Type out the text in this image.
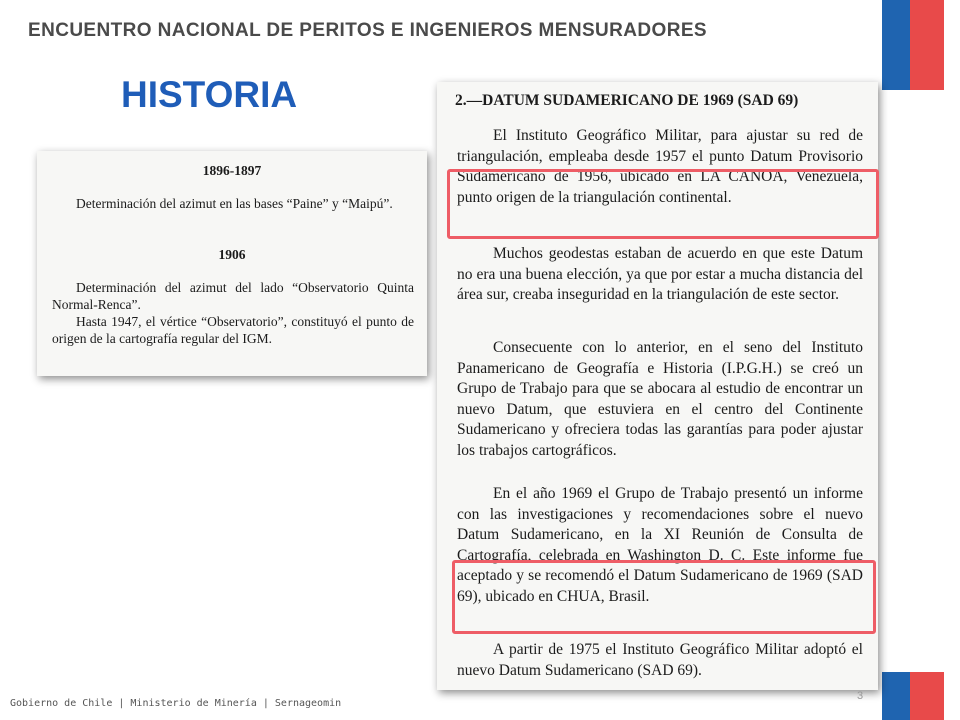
ENCUENTRO NACIONAL DE PERITOS E INGENIEROS MENSURADORES
HISTORIA
1896-1897
Determinación del azimut en las bases “Paine” y “Maipú”.
1906
Determinación del azimut del lado “Observatorio Quinta Normal-Renca”.
Hasta 1947, el vértice “Observatorio”, constituyó el punto de origen de la cartografía regular del IGM.
2.—DATUM SUDAMERICANO DE 1969 (SAD 69)
El Instituto Geográfico Militar, para ajustar su red de triangulación, empleaba desde 1957 el punto Datum Provisorio Sudamericano de 1956, ubicado en LA CANOA, Venezuela, punto origen de la triangulación continental.
Muchos geodestas estaban de acuerdo en que este Datum no era una buena elección, ya que por estar a mucha distancia del área sur, creaba inseguridad en la triangulación de este sector.
Consecuente con lo anterior, en el seno del Instituto Panamericano de Geografía e Historia (I.P.G.H.) se creó un Grupo de Trabajo para que se abocara al estudio de encontrar un nuevo Datum, que estuviera en el centro del Continente Sudamericano y ofreciera todas las garantías para poder ajustar los trabajos cartográficos.
En el año 1969 el Grupo de Trabajo presentó un informe con las investigaciones y recomendaciones sobre el nuevo Datum Sudamericano, en la XI Reunión de Consulta de Cartografía, celebrada en Washington D. C. Este informe fue aceptado y se recomendó el Datum Sudamericano de 1969 (SAD 69), ubicado en CHUA, Brasil.
A partir de 1975 el Instituto Geográfico Militar adoptó el nuevo Datum Sudamericano (SAD 69).
Gobierno de Chile | Ministerio de Minería | Sernageomin
3
